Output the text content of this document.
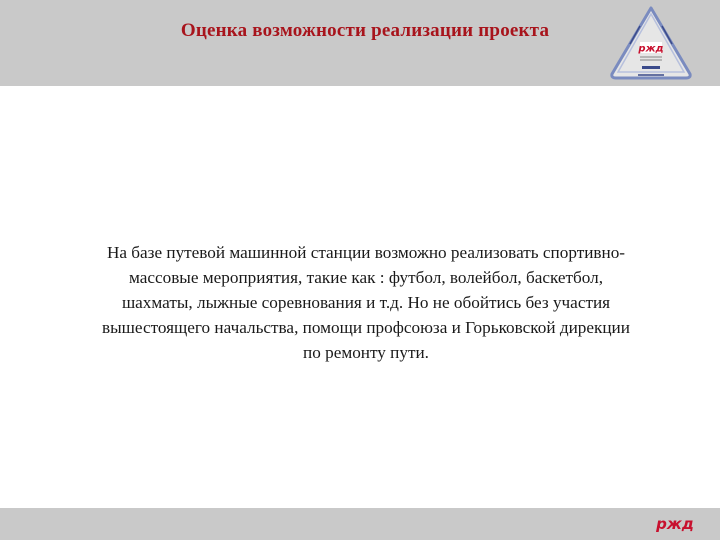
Оценка возможности реализации проекта
ржд
На базе путевой машинной станции возможно реализовать спортивно-массовые мероприятия, такие как : футбол, волейбол, баскетбол, шахматы, лыжные соревнования и т.д. Но не обойтись без участия вышестоящего начальства, помощи профсоюза и Горьковской дирекции по ремонту пути.
ржд
